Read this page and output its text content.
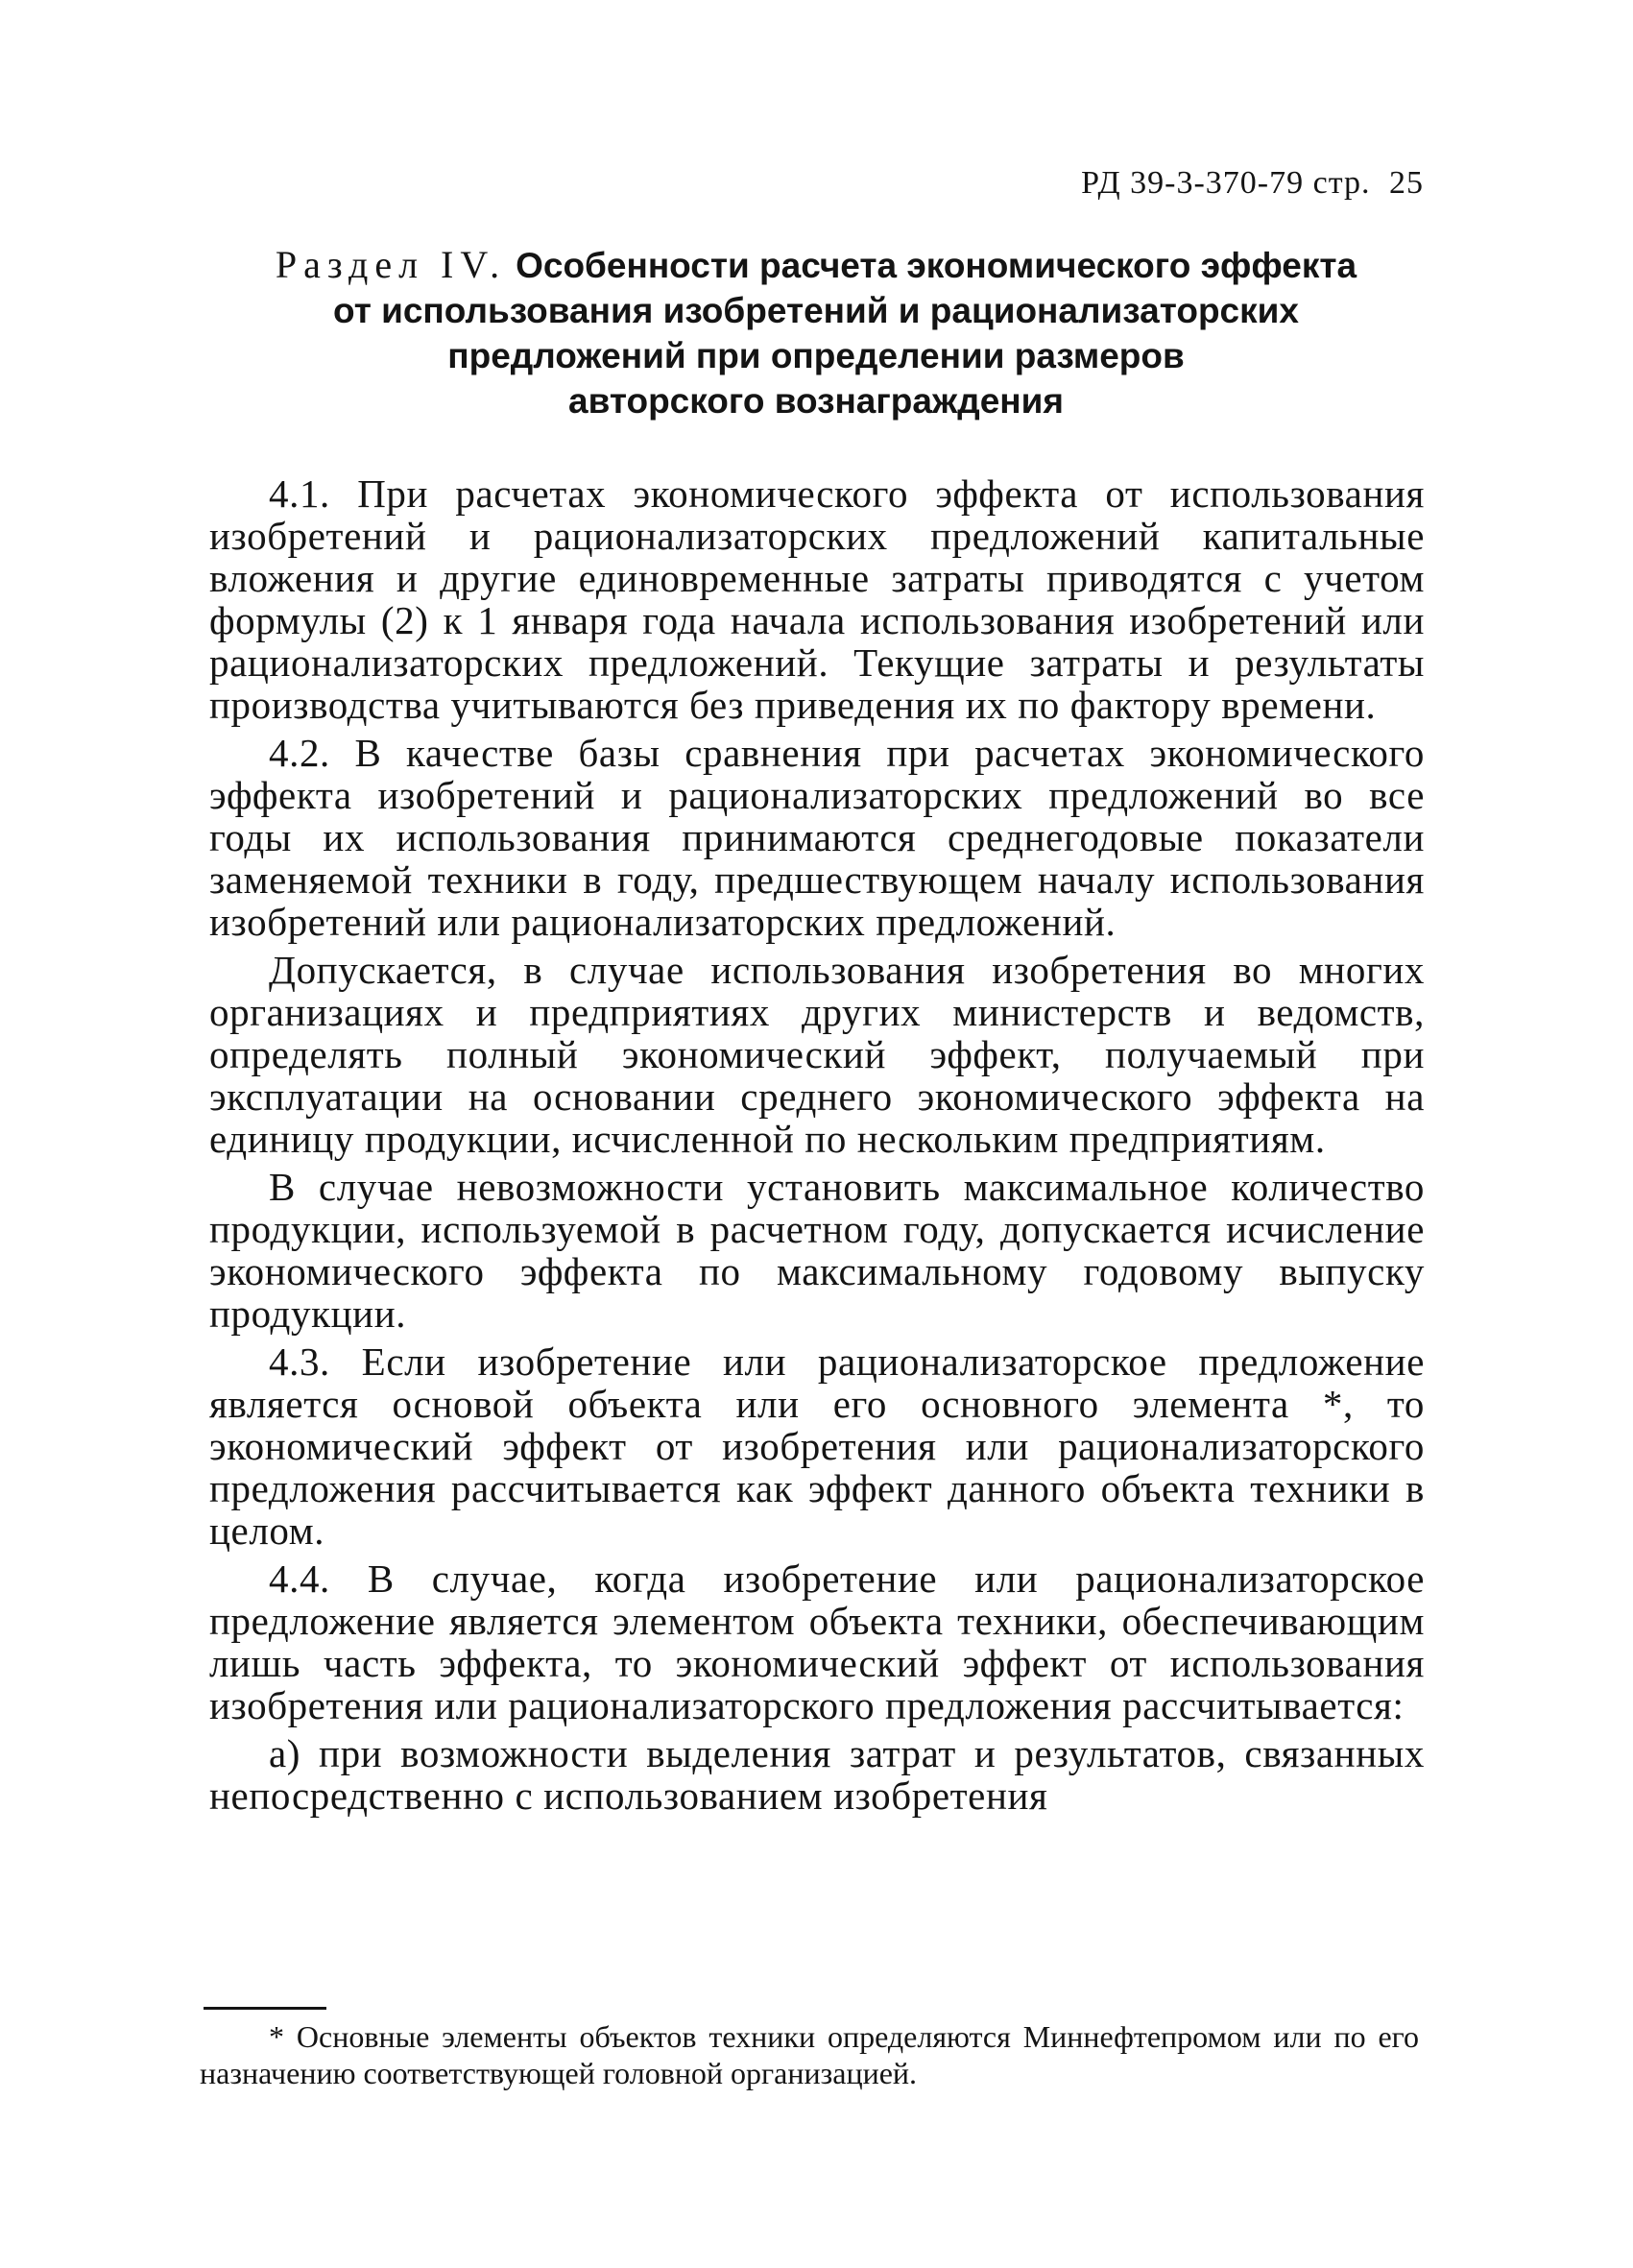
РД 39-3-370-79 стр. 25
Раздел IV. Особенности расчета экономического эффекта
от использования изобретений и рационализаторских
предложений при определении размеров
авторского вознаграждения

4.1. При расчетах экономического эффекта от использования изобретений и рационализаторских предложений капитальные вложения и другие единовременные затраты приводятся с учетом формулы (2) к 1 января года начала использования изобретений или рационализаторских предложений. Текущие затраты и результаты производства учитываются без приведения их по фактору времени.

4.2. В качестве базы сравнения при расчетах экономического эффекта изобретений и рационализаторских предложений во все годы их использования принимаются среднегодовые показатели заменяемой техники в году, предшествующем началу использования изобретений или рационализаторских предложений.

Допускается, в случае использования изобретения во многих организациях и предприятиях других министерств и ведомств, определять полный экономический эффект, получаемый при эксплуатации на основании среднего экономического эффекта на единицу продукции, исчисленной по нескольким предприятиям.

В случае невозможности установить максимальное количество продукции, используемой в расчетном году, допускается исчисление экономического эффекта по максимальному годовому выпуску продукции.

4.3. Если изобретение или рационализаторское предложение является основой объекта или его основного элемента *, то экономический эффект от изобретения или рационализаторского предложения рассчитывается как эффект данного объекта техники в целом.

4.4. В случае, когда изобретение или рационализаторское предложение является элементом объекта техники, обеспечивающим лишь часть эффекта, то экономический эффект от использования изобретения или рационализаторского предложения рассчитывается:

а) при возможности выделения затрат и результатов, связанных непосредственно с использованием изобретения

* Основные элементы объектов техники определяются Миннефтепромом или по его назначению соответствующей головной организацией.
